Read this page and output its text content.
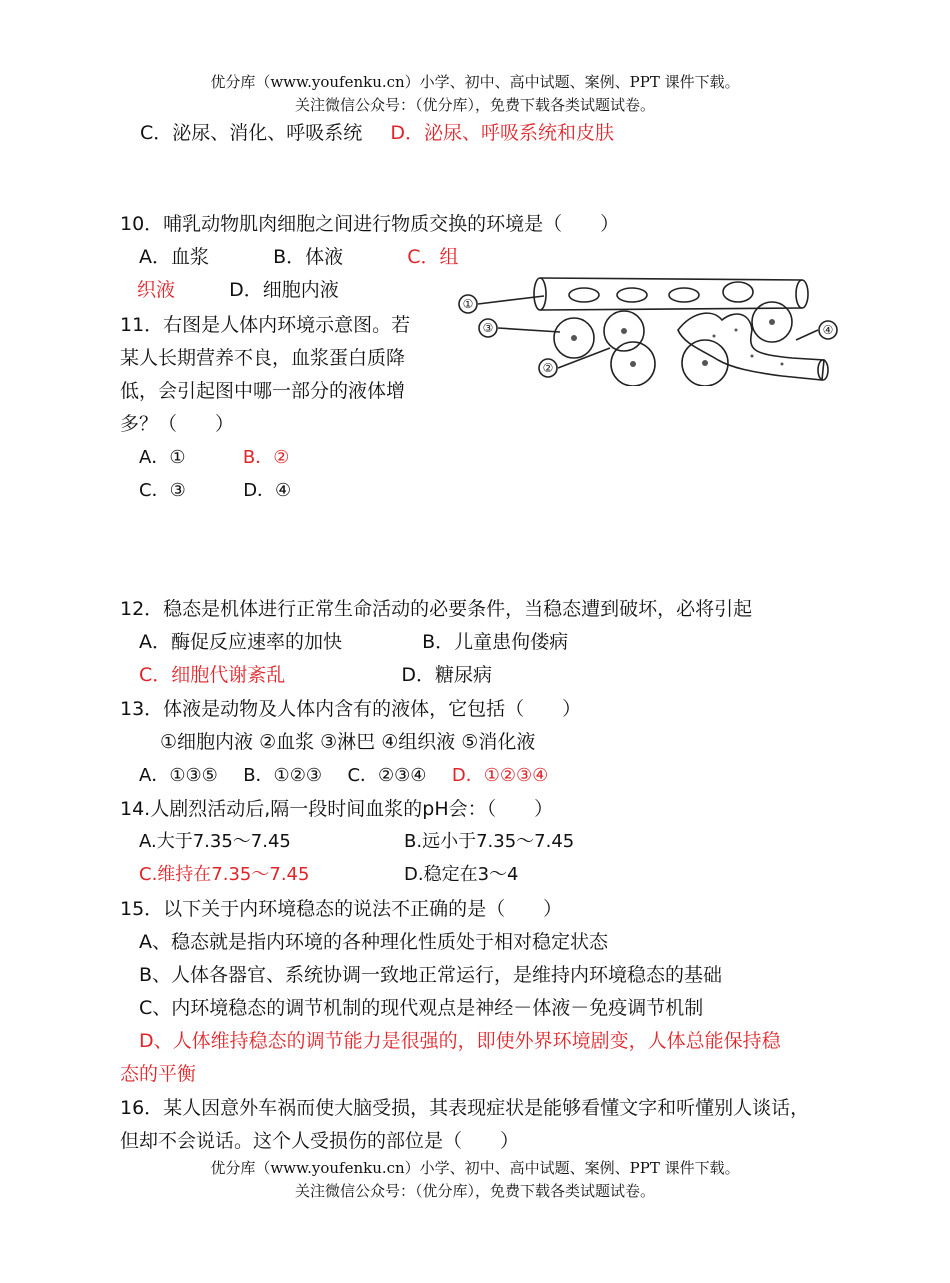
优分库（www.youfenku.cn）小学、初中、高中试题、案例、PPT 课件下载。
关注微信公众号：（优分库），免费下载各类试题试卷。
C．泌尿、消化、呼吸系统 D．泌尿、呼吸系统和皮肤
10．哺乳动物肌肉细胞之间进行物质交换的环境是（　　）
A．血浆	B．体液	C．组
织液	D．细胞内液
11．右图是人体内环境示意图。若
某人长期营养不良，血浆蛋白质降
低，会引起图中哪一部分的液体增
多？（　　）
A．①	B．②
C．③	D．④
①
③
②
④
12．稳态是机体进行正常生命活动的必要条件，当稳态遭到破坏，必将引起
A．酶促反应速率的加快	B．儿童患佝偻病
C．细胞代谢紊乱	D．糖尿病
13．体液是动物及人体内含有的液体，它包括（　　）
①细胞内液 ②血浆 ③淋巴 ④组织液 ⑤消化液
A．①③⑤ B．①②③ C．②③④ D．①②③④
14.人剧烈活动后,隔一段时间血浆的pH会：（　　）
A.大于7.35～7.45	B.远小于7.35～7.45
C.维持在7.35～7.45	D.稳定在3～4
15．以下关于内环境稳态的说法不正确的是（　　）
A、稳态就是指内环境的各种理化性质处于相对稳定状态
B、人体各器官、系统协调一致地正常运行，是维持内环境稳态的基础
C、内环境稳态的调节机制的现代观点是神经－体液－免疫调节机制
D、人体维持稳态的调节能力是很强的，即使外界环境剧变，人体总能保持稳
态的平衡
16．某人因意外车祸而使大脑受损，其表现症状是能够看懂文字和听懂别人谈话，
但却不会说话。这个人受损伤的部位是（　　）
优分库（www.youfenku.cn）小学、初中、高中试题、案例、PPT 课件下载。
关注微信公众号：（优分库），免费下载各类试题试卷。
